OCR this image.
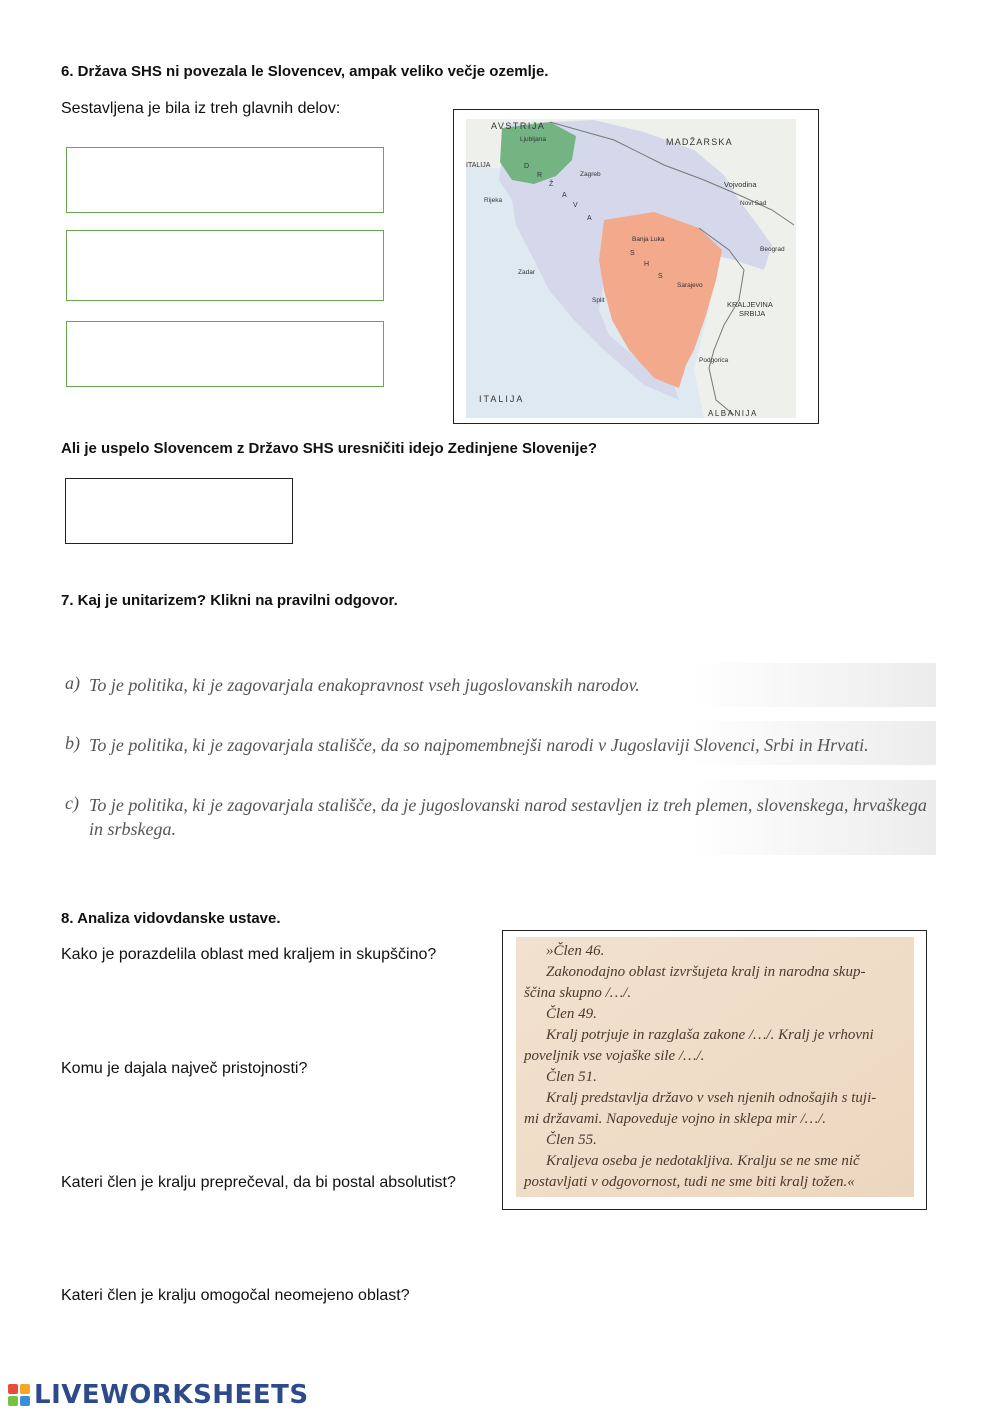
6. Država SHS ni povezala le Slovencev, ampak veliko večje ozemlje.
Sestavljena je bila iz treh glavnih delov:
AVSTRIJA
MADŽARSKA
ITALIJA
Ljubljana
Zagreb
Vojvodina
Novi Sad
Rijeka
Banja Luka
Beograd
Zadar
Sarajevo
Split	KRALJEVINA
SRBIJA
Podgorica
ITALIJA
ALBANIJA
D
R
Ž
A
V
A
S
H
S
Ali je uspelo Slovencem z Državo SHS uresničiti idejo Zedinjene Slovenije?
7. Kaj je unitarizem? Klikni na pravilni odgovor.
a) To je politika, ki je zagovarjala enakopravnost vseh jugoslovanskih narodov.
b) To je politika, ki je zagovarjala stališče, da so najpomembnejši narodi v Jugoslaviji Slovenci, Srbi in Hrvati.
c) To je politika, ki je zagovarjala stališče, da je jugoslovanski narod sestavljen iz treh plemen, slovenskega, hrvaškega in srbskega.
8. Analiza vidovdanske ustave.
Kako je porazdelila oblast med kraljem in skupščino?
Komu je dajala največ pristojnosti?
Kateri člen je kralju preprečeval, da bi postal absolutist?
Kateri člen je kralju omogočal neomejeno oblast?
»Člen 46.
Zakonodajno oblast izvršujeta kralj in narodna skup-
ščina skupno /…/.
Člen 49.
Kralj potrjuje in razglaša zakone /…/. Kralj je vrhovni
poveljnik vse vojaške sile /…/.
Člen 51.
Kralj predstavlja državo v vseh njenih odnošajih s tuji-
mi državami. Napoveduje vojno in sklepa mir /…/.
Člen 55.
Kraljeva oseba je nedotakljiva. Kralju se ne sme nič
postavljati v odgovornost, tudi ne sme biti kralj tožen.«
LIVEWORKSHEETS
